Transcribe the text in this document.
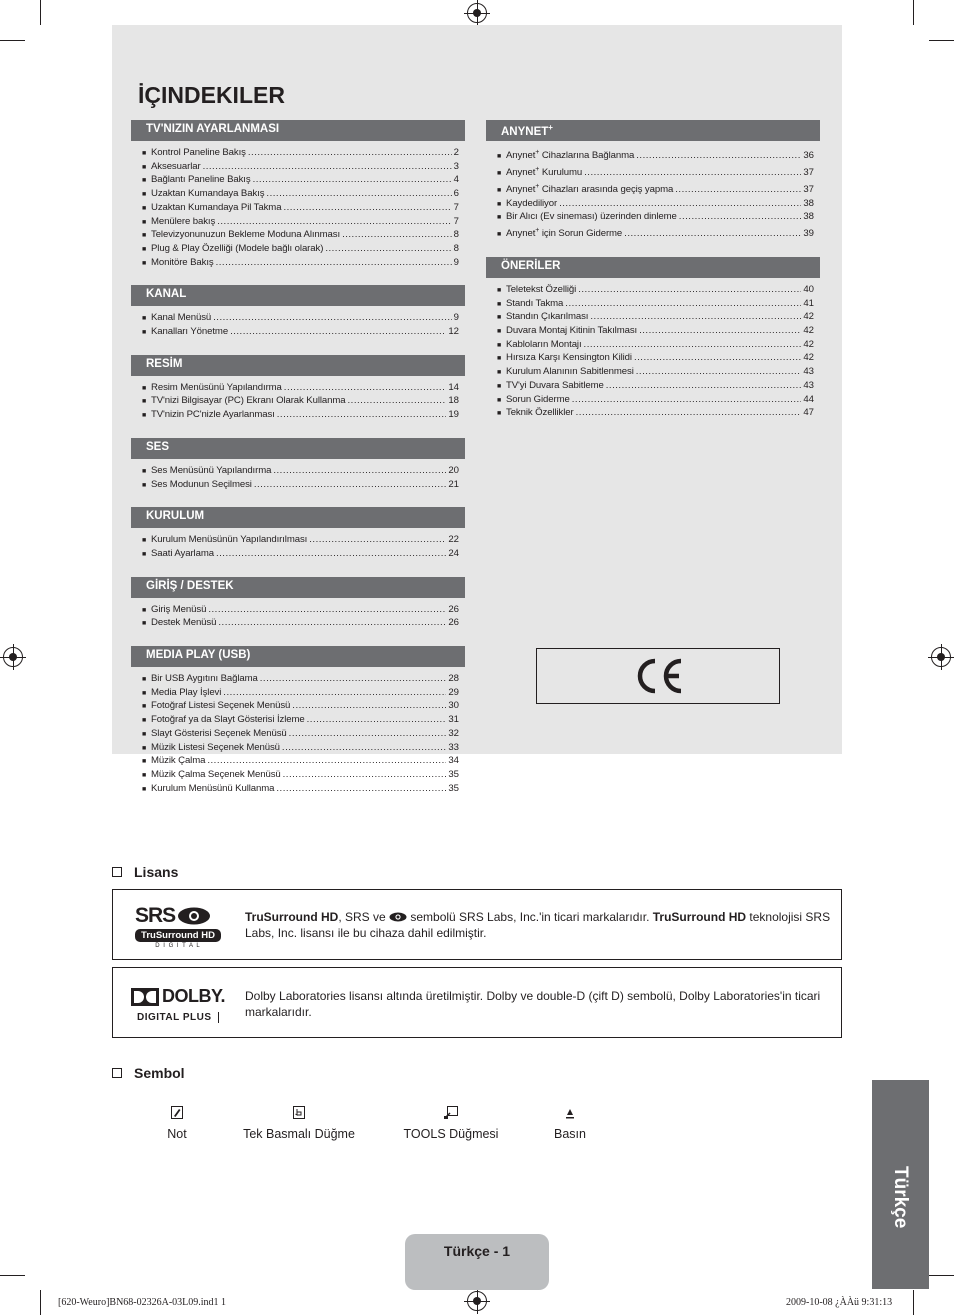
İÇINDEKILER
TV'NIZIN AYARLANMASI
■ Kontrol Paneline Bakış .....	2
■ Aksesuarlar .....	3
■ Bağlantı Paneline Bakış .....	4
■ Uzaktan Kumandaya Bakış .....	6
■ Uzaktan Kumandaya Pil Takma .....	7
■ Menülere bakış .....	7
■ Televizyonunuzun Bekleme Moduna Alınması .....	8
■ Plug & Play Özelliği (Modele bağlı olarak) .....	8
■ Monitöre Bakış .....	9
KANAL
■ Kanal Menüsü .....	9
■ Kanalları Yönetme .....	12
RESİM
■ Resim Menüsünü Yapılandırma .....	14
■ TV'nizi Bilgisayar (PC) Ekranı Olarak Kullanma .....	18
■ TV'nizin PC'nizle Ayarlanması .....	19
SES
■ Ses Menüsünü Yapılandırma .....	20
■ Ses Modunun Seçilmesi .....	21
KURULUM
■ Kurulum Menüsünün Yapılandırılması .....	22
■ Saati Ayarlama .....	24
GİRİŞ / DESTEK
■ Giriş Menüsü .....	26
■ Destek Menüsü .....	26
MEDIA PLAY (USB)
■ Bir USB Aygıtını Bağlama .....	28
■ Media Play İşlevi .....	29
■ Fotoğraf Listesi Seçenek Menüsü .....	30
■ Fotoğraf ya da Slayt Gösterisi İzleme .....	31
■ Slayt Gösterisi Seçenek Menüsü .....	32
■ Müzik Listesi Seçenek Menüsü .....	33
■ Müzik Çalma .....	34
■ Müzik Çalma Seçenek Menüsü .....	35
■ Kurulum Menüsünü Kullanma .....	35
ANYNET+
■ Anynet+ Cihazlarına Bağlanma .....	36
■ Anynet+ Kurulumu .....	37
■ Anynet+ Cihazları arasında geçiş yapma .....	37
■ Kaydediliyor .....	38
■ Bir Alıcı (Ev sineması) üzerinden dinleme .....	38
■ Anynet+ için Sorun Giderme .....	39
ÖNERİLER
■ Teletekst Özelliği .....	40
■ Standı Takma .....	41
■ Standın Çıkarılması .....	42
■ Duvara Montaj Kitinin Takılması .....	42
■ Kabloların Montajı .....	42
■ Hırsıza Karşı Kensington Kilidi .....	42
■ Kurulum Alanının Sabitlenmesi .....	43
■ TV'yi Duvara Sabitleme .....	43
■ Sorun Giderme .....	44
■ Teknik Özellikler .....	47
Lisans
SRS
TruSurround HD
D I G I T A L
TruSurround HD, SRS ve  sembolü SRS Labs, Inc.'in ticari markalarıdır. TruSurround HD teknolojisi SRS Labs, Inc. lisansı ile bu cihaza dahil edilmiştir.
DOLBY.
DIGITAL PLUS
Dolby Laboratories lisansı altında üretilmiştir. Dolby ve double-D (çift D) sembolü, Dolby Laboratories'in ticari markalarıdır.
Sembol
Not	Tek Basmalı Düğme	TOOLS Düğmesi	Basın
Türkçe
Türkçe - 1
[620-Weuro]BN68-02326A-03L09.ind1 1	2009-10-08 ¿ÀÀü 9:31:13
